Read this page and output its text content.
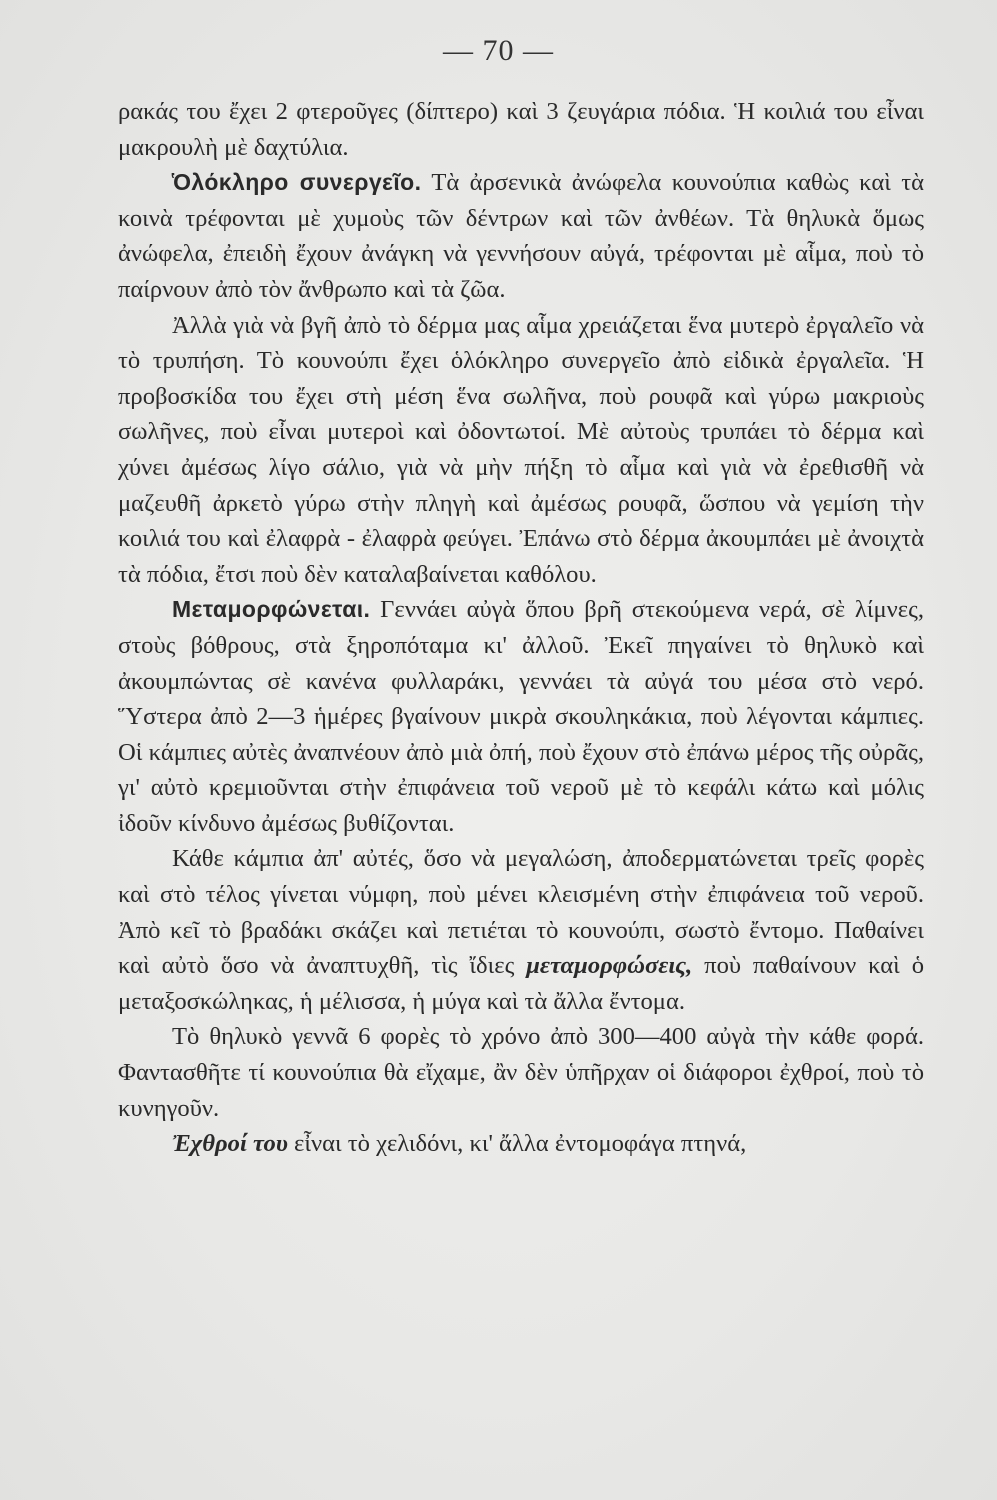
— 70 —

ρακάς του ἔχει 2 φτεροῦγες (δίπτερο) καὶ 3 ζευγάρια πόδια. Ἡ κοιλιά του εἶναι μακρουλὴ μὲ δαχτύλια.

Ὁλόκληρο συνεργεῖο. Τὰ ἀρσενικὰ ἀνώφελα κουνούπια καθὼς καὶ τὰ κοινὰ τρέφονται μὲ χυμοὺς τῶν δέντρων καὶ τῶν ἀνθέων. Τὰ θηλυκὰ ὅμως ἀνώφελα, ἐπειδὴ ἔχουν ἀνάγκη νὰ γεννήσουν αὐγά, τρέφονται μὲ αἷμα, ποὺ τὸ παίρνουν ἀπὸ τὸν ἄνθρωπο καὶ τὰ ζῶα.

Ἀλλὰ γιὰ νὰ βγῆ ἀπὸ τὸ δέρμα μας αἷμα χρειάζεται ἕνα μυτερὸ ἐργαλεῖο νὰ τὸ τρυπήση. Τὸ κουνούπι ἔχει ὁλόκληρο συνεργεῖο ἀπὸ εἰδικὰ ἐργαλεῖα. Ἡ προβοσκίδα του ἔχει στὴ μέση ἕνα σωλῆνα, ποὺ ρουφᾶ καὶ γύρω μακριοὺς σωλῆνες, ποὺ εἶναι μυτεροὶ καὶ ὀδοντωτοί. Μὲ αὐτοὺς τρυπάει τὸ δέρμα καὶ χύνει ἀμέσως λίγο σάλιο, γιὰ νὰ μὴν πήξη τὸ αἷμα καὶ γιὰ νὰ ἐρεθισθῆ νὰ μαζευθῆ ἀρκετὸ γύρω στὴν πληγὴ καὶ ἀμέσως ρουφᾶ, ὥσπου νὰ γεμίση τὴν κοιλιά του καὶ ἐλαφρὰ - ἐλαφρὰ φεύγει. Ἐπάνω στὸ δέρμα ἀκουμπάει μὲ ἀνοιχτὰ τὰ πόδια, ἔτσι ποὺ δὲν καταλαβαίνεται καθόλου.

Μεταμορφώνεται. Γεννάει αὐγὰ ὅπου βρῆ στεκούμενα νερά, σὲ λίμνες, στοὺς βόθρους, στὰ ξηροπόταμα κι' ἀλλοῦ. Ἐκεῖ πηγαίνει τὸ θηλυκὸ καὶ ἀκουμπώντας σὲ κανένα φυλλαράκι, γεννάει τὰ αὐγά του μέσα στὸ νερό. Ὕστερα ἀπὸ 2—3 ἡμέρες βγαίνουν μικρὰ σκουληκάκια, ποὺ λέγονται κάμπιες. Οἱ κάμπιες αὐτὲς ἀναπνέουν ἀπὸ μιὰ ὀπή, ποὺ ἔχουν στὸ ἐπάνω μέρος τῆς οὐρᾶς, γι' αὐτὸ κρεμιοῦνται στὴν ἐπιφάνεια τοῦ νεροῦ μὲ τὸ κεφάλι κάτω καὶ μόλις ἰδοῦν κίνδυνο ἀμέσως βυθίζονται.

Κάθε κάμπια ἀπ' αὐτές, ὅσο νὰ μεγαλώση, ἀποδερματώνεται τρεῖς φορὲς καὶ στὸ τέλος γίνεται νύμφη, ποὺ μένει κλεισμένη στὴν ἐπιφάνεια τοῦ νεροῦ. Ἀπὸ κεῖ τὸ βραδάκι σκάζει καὶ πετιέται τὸ κουνούπι, σωστὸ ἔντομο. Παθαίνει καὶ αὐτὸ ὅσο νὰ ἀναπτυχθῆ, τὶς ἴδιες μεταμορφώσεις, ποὺ παθαίνουν καὶ ὁ μεταξοσκώληκας, ἡ μέλισσα, ἡ μύγα καὶ τὰ ἄλλα ἔντομα.

Τὸ θηλυκὸ γεννᾶ 6 φορὲς τὸ χρόνο ἀπὸ 300—400 αὐγὰ τὴν κάθε φορά. Φαντασθῆτε τί κουνούπια θὰ εἴχαμε, ἂν δὲν ὑπῆρχαν οἱ διάφοροι ἐχθροί, ποὺ τὸ κυνηγοῦν.

Ἐχθροί του εἶναι τὸ χελιδόνι, κι' ἄλλα ἐντομοφάγα πτηνά,
